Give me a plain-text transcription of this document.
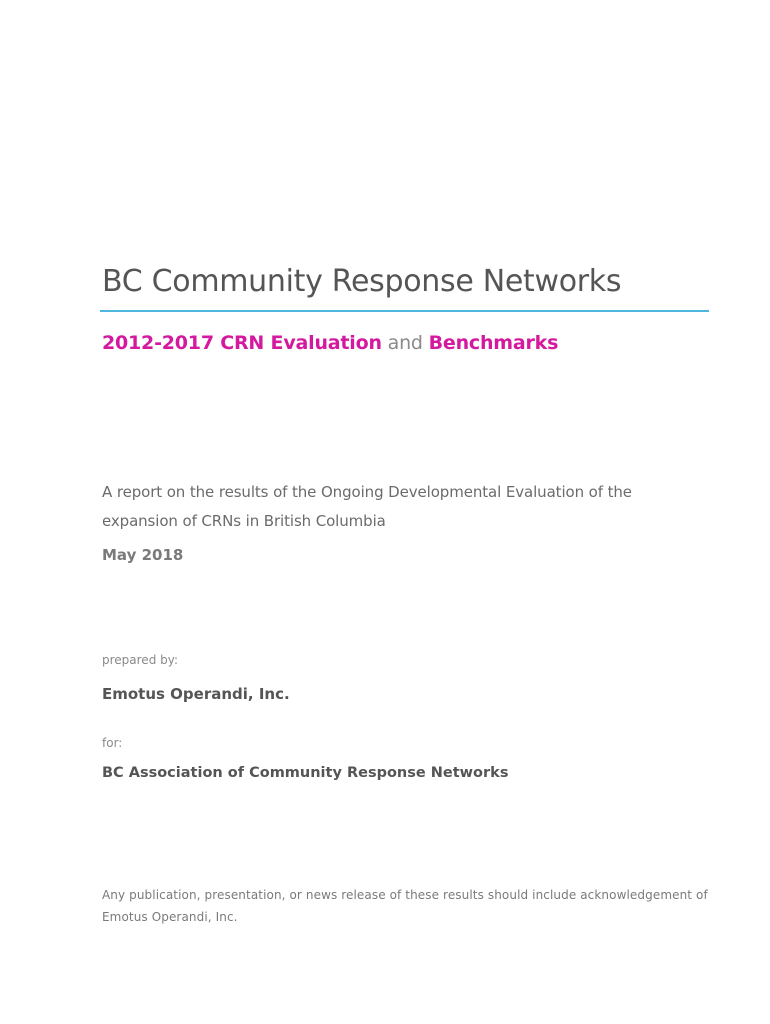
BC Community Response Networks
2012-2017 CRN Evaluation and Benchmarks
A report on the results of the Ongoing Developmental Evaluation of the expansion of CRNs in British Columbia
May 2018
prepared by:
Emotus Operandi, Inc.
for:
BC Association of Community Response Networks
Any publication, presentation, or news release of these results should include acknowledgement of Emotus Operandi, Inc.
